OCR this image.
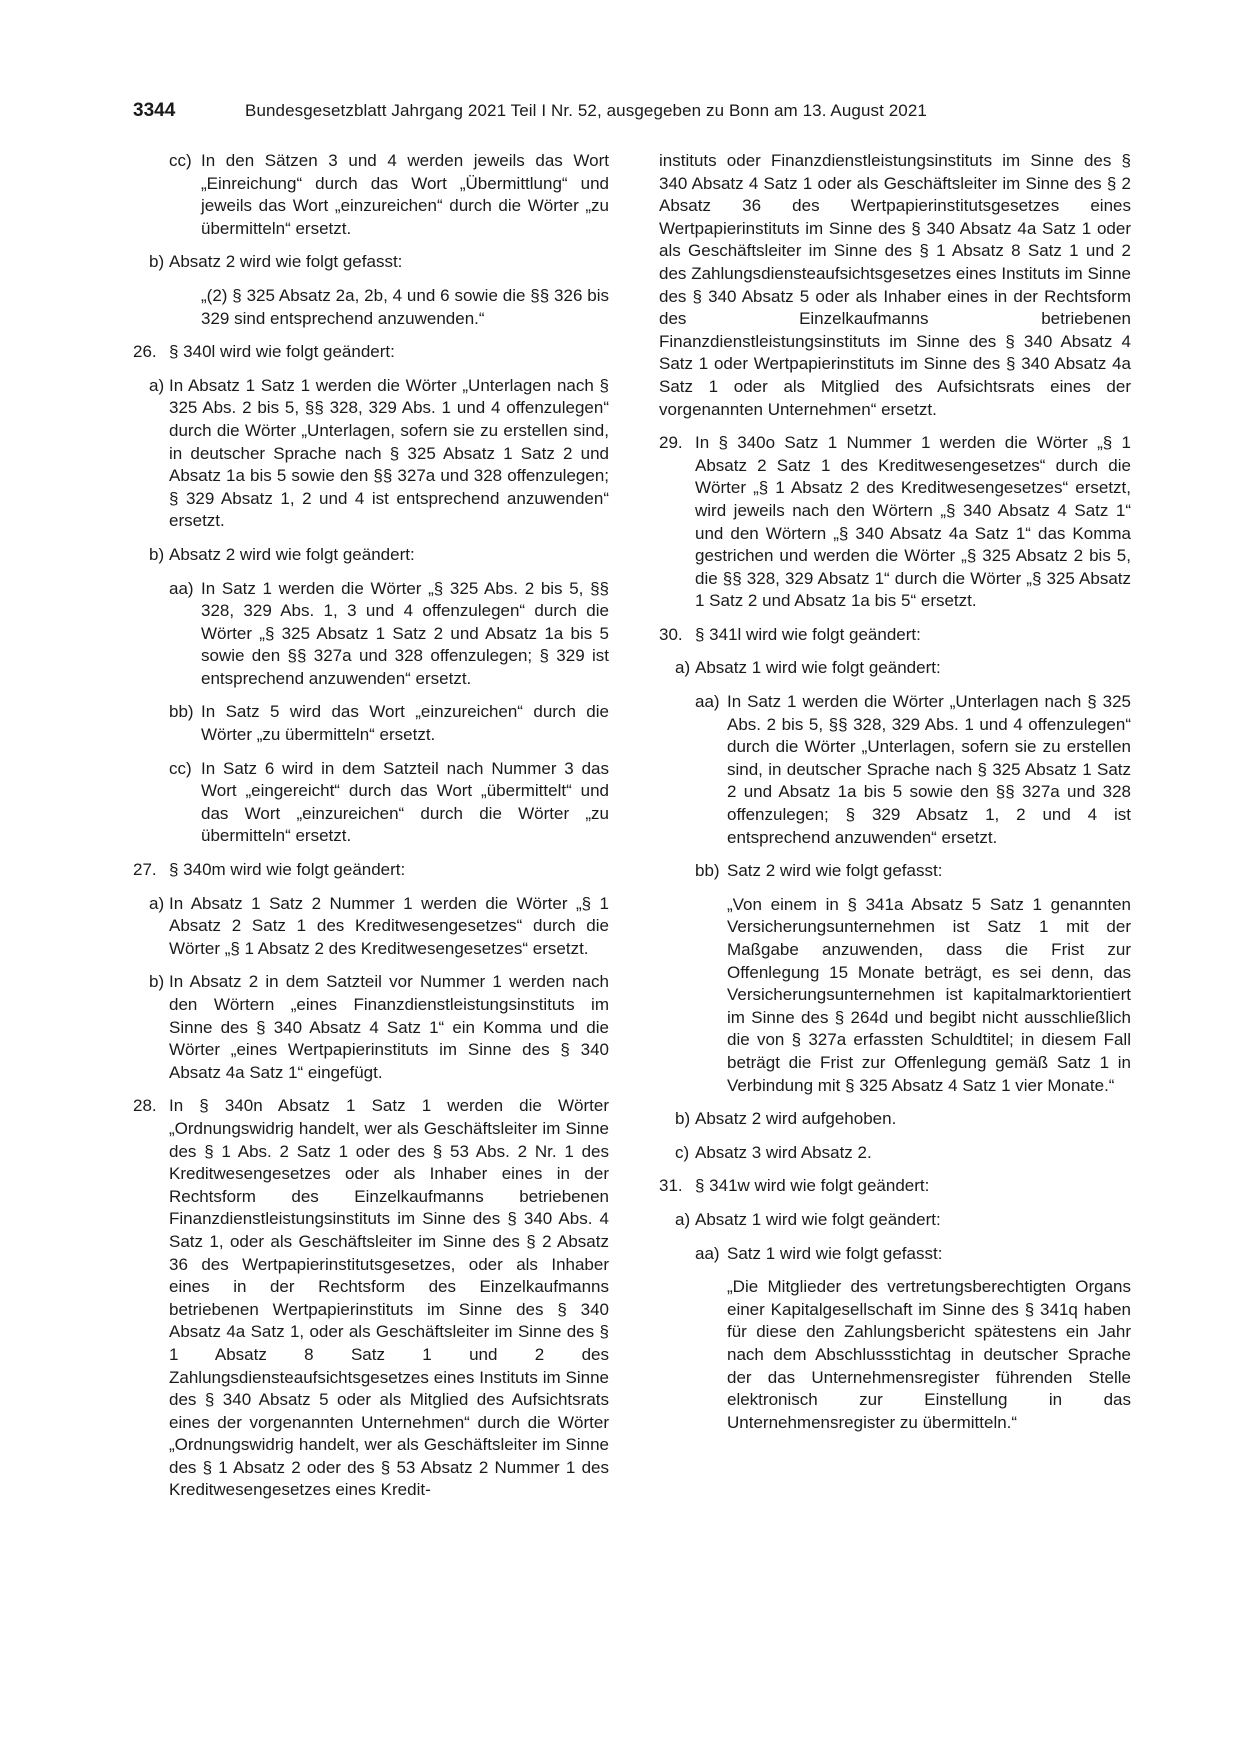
3344	Bundesgesetzblatt Jahrgang 2021 Teil I Nr. 52, ausgegeben zu Bonn am 13. August 2021
cc) In den Sätzen 3 und 4 werden jeweils das Wort „Einreichung“ durch das Wort „Übermittlung“ und jeweils das Wort „einzureichen“ durch die Wörter „zu übermitteln“ ersetzt.
b) Absatz 2 wird wie folgt gefasst:
„(2) § 325 Absatz 2a, 2b, 4 und 6 sowie die §§ 326 bis 329 sind entsprechend anzuwenden.“
26. § 340l wird wie folgt geändert:
a) In Absatz 1 Satz 1 werden die Wörter „Unterlagen nach § 325 Abs. 2 bis 5, §§ 328, 329 Abs. 1 und 4 offenzulegen“ durch die Wörter „Unterlagen, sofern sie zu erstellen sind, in deutscher Sprache nach § 325 Absatz 1 Satz 2 und Absatz 1a bis 5 sowie den §§ 327a und 328 offenzulegen; § 329 Absatz 1, 2 und 4 ist entsprechend anzuwenden“ ersetzt.
b) Absatz 2 wird wie folgt geändert:
aa) In Satz 1 werden die Wörter „§ 325 Abs. 2 bis 5, §§ 328, 329 Abs. 1, 3 und 4 offenzulegen“ durch die Wörter „§ 325 Absatz 1 Satz 2 und Absatz 1a bis 5 sowie den §§ 327a und 328 offenzulegen; § 329 ist entsprechend anzuwenden“ ersetzt.
bb) In Satz 5 wird das Wort „einzureichen“ durch die Wörter „zu übermitteln“ ersetzt.
cc) In Satz 6 wird in dem Satzteil nach Nummer 3 das Wort „eingereicht“ durch das Wort „übermittelt“ und das Wort „einzureichen“ durch die Wörter „zu übermitteln“ ersetzt.
27. § 340m wird wie folgt geändert:
a) In Absatz 1 Satz 2 Nummer 1 werden die Wörter „§ 1 Absatz 2 Satz 1 des Kreditwesengesetzes“ durch die Wörter „§ 1 Absatz 2 des Kreditwesengesetzes“ ersetzt.
b) In Absatz 2 in dem Satzteil vor Nummer 1 werden nach den Wörtern „eines Finanzdienstleistungsinstituts im Sinne des § 340 Absatz 4 Satz 1“ ein Komma und die Wörter „eines Wertpapierinstituts im Sinne des § 340 Absatz 4a Satz 1“ eingefügt.
28. In § 340n Absatz 1 Satz 1 werden die Wörter „Ordnungswidrig handelt, wer als Geschäftsleiter im Sinne des § 1 Abs. 2 Satz 1 oder des § 53 Abs. 2 Nr. 1 des Kreditwesengesetzes oder als Inhaber eines in der Rechtsform des Einzelkaufmanns betriebenen Finanzdienstleistungsinstituts im Sinne des § 340 Abs. 4 Satz 1, oder als Geschäftsleiter im Sinne des § 2 Absatz 36 des Wertpapierinstitutsgesetzes, oder als Inhaber eines in der Rechtsform des Einzelkaufmanns betriebenen Wertpapierinstituts im Sinne des § 340 Absatz 4a Satz 1, oder als Geschäftsleiter im Sinne des § 1 Absatz 8 Satz 1 und 2 des Zahlungsdiensteaufsichtsgesetzes eines Instituts im Sinne des § 340 Absatz 5 oder als Mitglied des Aufsichtsrats eines der vorgenannten Unternehmen“ durch die Wörter „Ordnungswidrig handelt, wer als Geschäftsleiter im Sinne des § 1 Absatz 2 oder des § 53 Absatz 2 Nummer 1 des Kreditwesengesetzes eines Kredit-
instituts oder Finanzdienstleistungsinstituts im Sinne des § 340 Absatz 4 Satz 1 oder als Geschäftsleiter im Sinne des § 2 Absatz 36 des Wertpapierinstitutsgesetzes eines Wertpapierinstituts im Sinne des § 340 Absatz 4a Satz 1 oder als Geschäftsleiter im Sinne des § 1 Absatz 8 Satz 1 und 2 des Zahlungsdiensteaufsichtsgesetzes eines Instituts im Sinne des § 340 Absatz 5 oder als Inhaber eines in der Rechtsform des Einzelkaufmanns betriebenen Finanzdienstleistungsinstituts im Sinne des § 340 Absatz 4 Satz 1 oder Wertpapierinstituts im Sinne des § 340 Absatz 4a Satz 1 oder als Mitglied des Aufsichtsrats eines der vorgenannten Unternehmen“ ersetzt.
29. In § 340o Satz 1 Nummer 1 werden die Wörter „§ 1 Absatz 2 Satz 1 des Kreditwesengesetzes“ durch die Wörter „§ 1 Absatz 2 des Kreditwesengesetzes“ ersetzt, wird jeweils nach den Wörtern „§ 340 Absatz 4 Satz 1“ und den Wörtern „§ 340 Absatz 4a Satz 1“ das Komma gestrichen und werden die Wörter „§ 325 Absatz 2 bis 5, die §§ 328, 329 Absatz 1“ durch die Wörter „§ 325 Absatz 1 Satz 2 und Absatz 1a bis 5“ ersetzt.
30. § 341l wird wie folgt geändert:
a) Absatz 1 wird wie folgt geändert:
aa) In Satz 1 werden die Wörter „Unterlagen nach § 325 Abs. 2 bis 5, §§ 328, 329 Abs. 1 und 4 offenzulegen“ durch die Wörter „Unterlagen, sofern sie zu erstellen sind, in deutscher Sprache nach § 325 Absatz 1 Satz 2 und Absatz 1a bis 5 sowie den §§ 327a und 328 offenzulegen; § 329 Absatz 1, 2 und 4 ist entsprechend anzuwenden“ ersetzt.
bb) Satz 2 wird wie folgt gefasst:
„Von einem in § 341a Absatz 5 Satz 1 genannten Versicherungsunternehmen ist Satz 1 mit der Maßgabe anzuwenden, dass die Frist zur Offenlegung 15 Monate beträgt, es sei denn, das Versicherungsunternehmen ist kapitalmarktorientiert im Sinne des § 264d und begibt nicht ausschließlich die von § 327a erfassten Schuldtitel; in diesem Fall beträgt die Frist zur Offenlegung gemäß Satz 1 in Verbindung mit § 325 Absatz 4 Satz 1 vier Monate.“
b) Absatz 2 wird aufgehoben.
c) Absatz 3 wird Absatz 2.
31. § 341w wird wie folgt geändert:
a) Absatz 1 wird wie folgt geändert:
aa) Satz 1 wird wie folgt gefasst:
„Die Mitglieder des vertretungsberechtigten Organs einer Kapitalgesellschaft im Sinne des § 341q haben für diese den Zahlungsbericht spätestens ein Jahr nach dem Abschlussstichtag in deutscher Sprache der das Unternehmensregister führenden Stelle elektronisch zur Einstellung in das Unternehmensregister zu übermitteln.“
